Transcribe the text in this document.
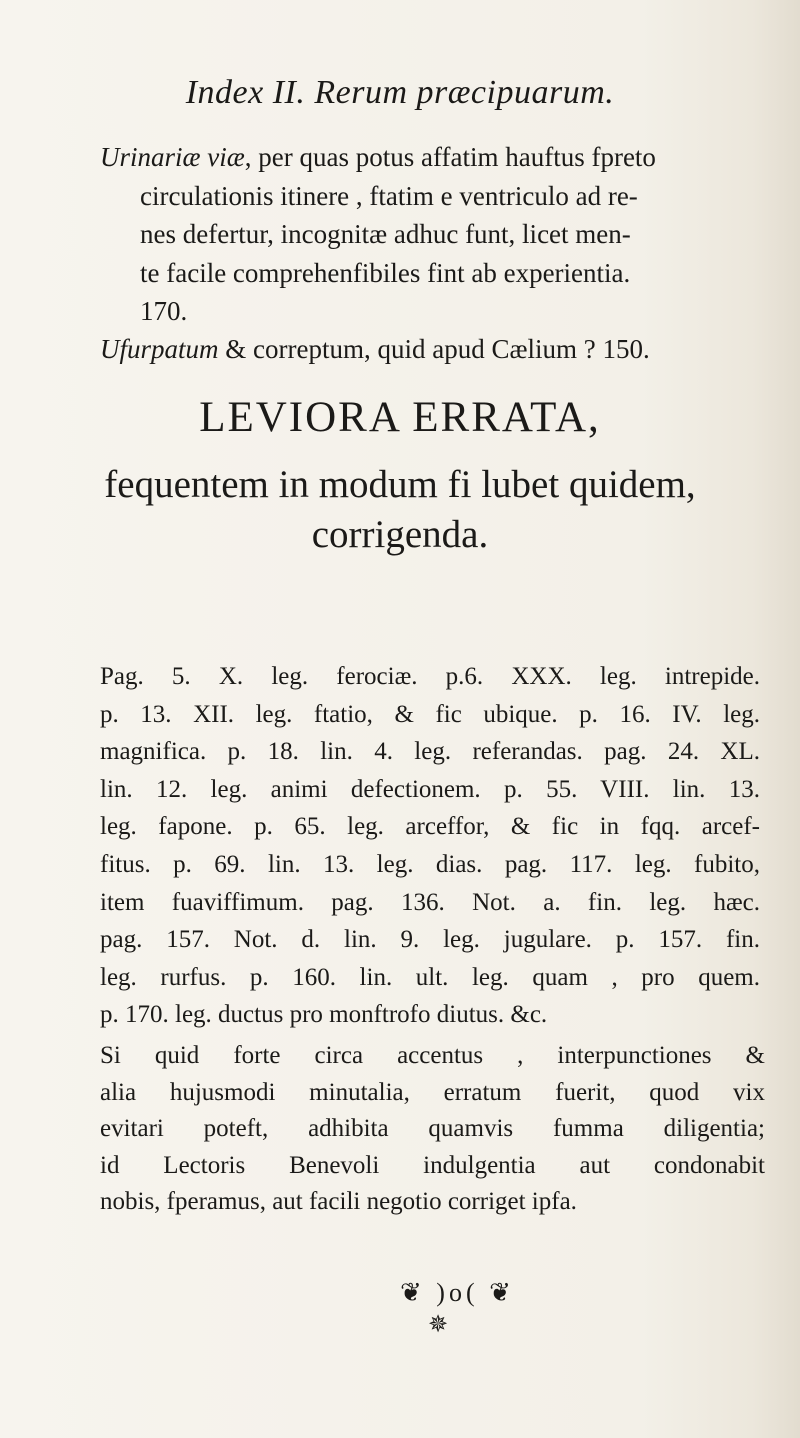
Index II. Rerum præcipuarum.
Urinariæ viæ, per quas potus affatim hauftus fpreto
circulationis itinere , ftatim e ventriculo ad re-
nes defertur, incognitæ adhuc funt, licet men-
te facile comprehenfibiles fint ab experientia.
170.
Ufurpatum & correptum, quid apud Cælium ? 150.
LEVIORA ERRATA,
fequentem in modum fi lubet quidem,
corrigenda.
Pag. 5. X. leg. ferociæ. p.6. XXX. leg. intrepide.
p. 13. XII. leg. ftatio, & fic ubique. p. 16. IV. leg.
magnifica. p. 18. lin. 4. leg. referandas. pag. 24. XL.
lin. 12. leg. animi defectionem. p. 55. VIII. lin. 13.
leg. fapone. p. 65. leg. arceffor, & fic in fqq. arcef-
fitus. p. 69. lin. 13. leg. dias. pag. 117. leg. fubito,
item fuaviffimum. pag. 136. Not. a. fin. leg. hæc.
pag. 157. Not. d. lin. 9. leg. jugulare. p. 157. fin.
leg. rurfus. p. 160. lin. ult. leg. quam , pro quem.
p. 170. leg. ductus pro monftrofo diutus. &c.
Si quid forte circa accentus , interpunctiones &
alia hujusmodi minutalia, erratum fuerit, quod vix
evitari poteft, adhibita quamvis fumma diligentia;
id Lectoris Benevoli indulgentia aut condonabit
nobis, fperamus, aut facili negotio corriget ipfa.
❦ )o( ❦
✵
